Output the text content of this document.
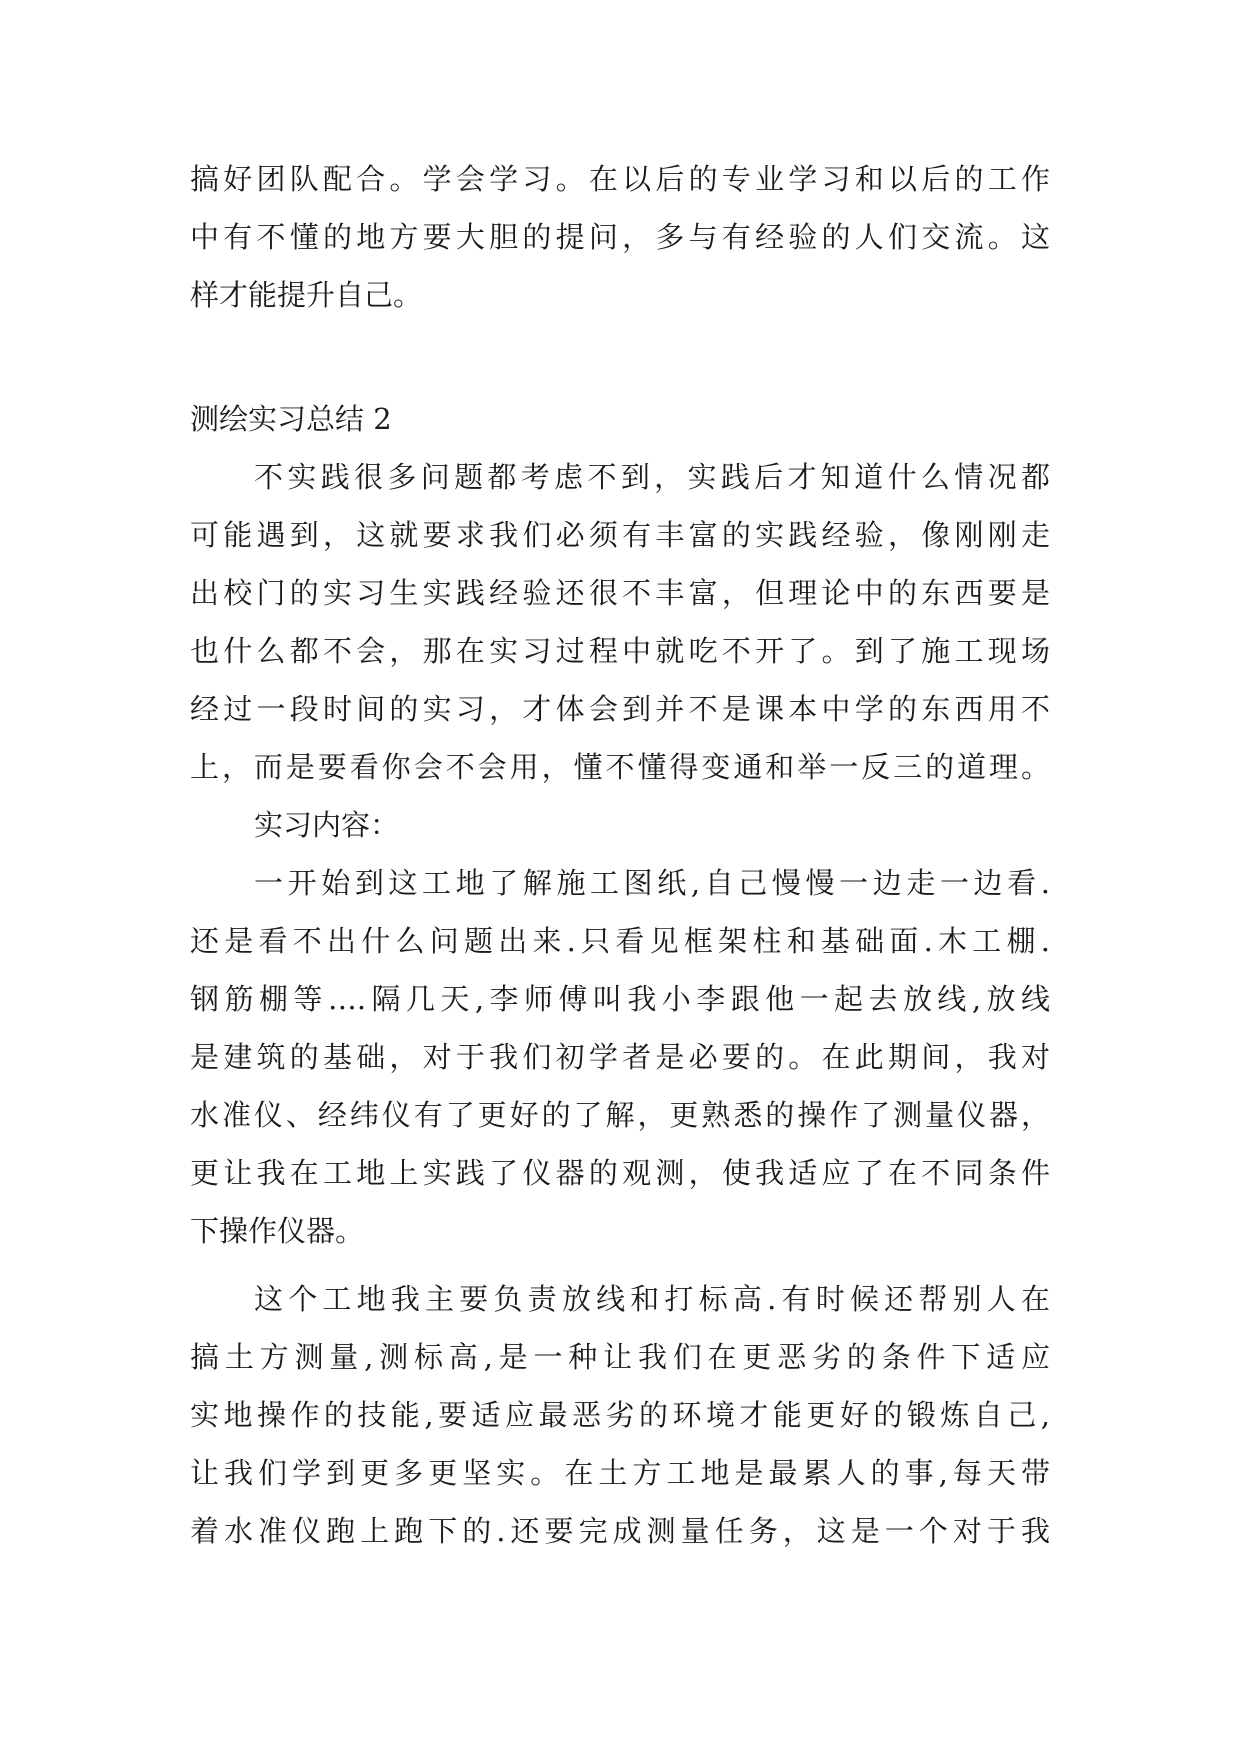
搞好团队配合。学会学习。在以后的专业学习和以后的工作
中有不懂的地方要大胆的提问，多与有经验的人们交流。这
样才能提升自己。
测绘实习总结 2
不实践很多问题都考虑不到，实践后才知道什么情况都
可能遇到，这就要求我们必须有丰富的实践经验，像刚刚走
出校门的实习生实践经验还很不丰富，但理论中的东西要是
也什么都不会，那在实习过程中就吃不开了。到了施工现场
经过一段时间的实习，才体会到并不是课本中学的东西用不
上，而是要看你会不会用，懂不懂得变通和举一反三的道理。
实习内容：
一开始到这工地了解施工图纸,自己慢慢一边走一边看.
还是看不出什么问题出来.只看见框架柱和基础面.木工棚.
钢筋棚等….隔几天,李师傅叫我小李跟他一起去放线,放线
是建筑的基础，对于我们初学者是必要的。在此期间，我对
水准仪、经纬仪有了更好的了解，更熟悉的操作了测量仪器，
更让我在工地上实践了仪器的观测，使我适应了在不同条件
下操作仪器。
这个工地我主要负责放线和打标高.有时候还帮别人在
搞土方测量,测标高,是一种让我们在更恶劣的条件下适应
实地操作的技能,要适应最恶劣的环境才能更好的锻炼自己,
让我们学到更多更坚实。在土方工地是最累人的事,每天带
着水准仪跑上跑下的.还要完成测量任务，这是一个对于我
